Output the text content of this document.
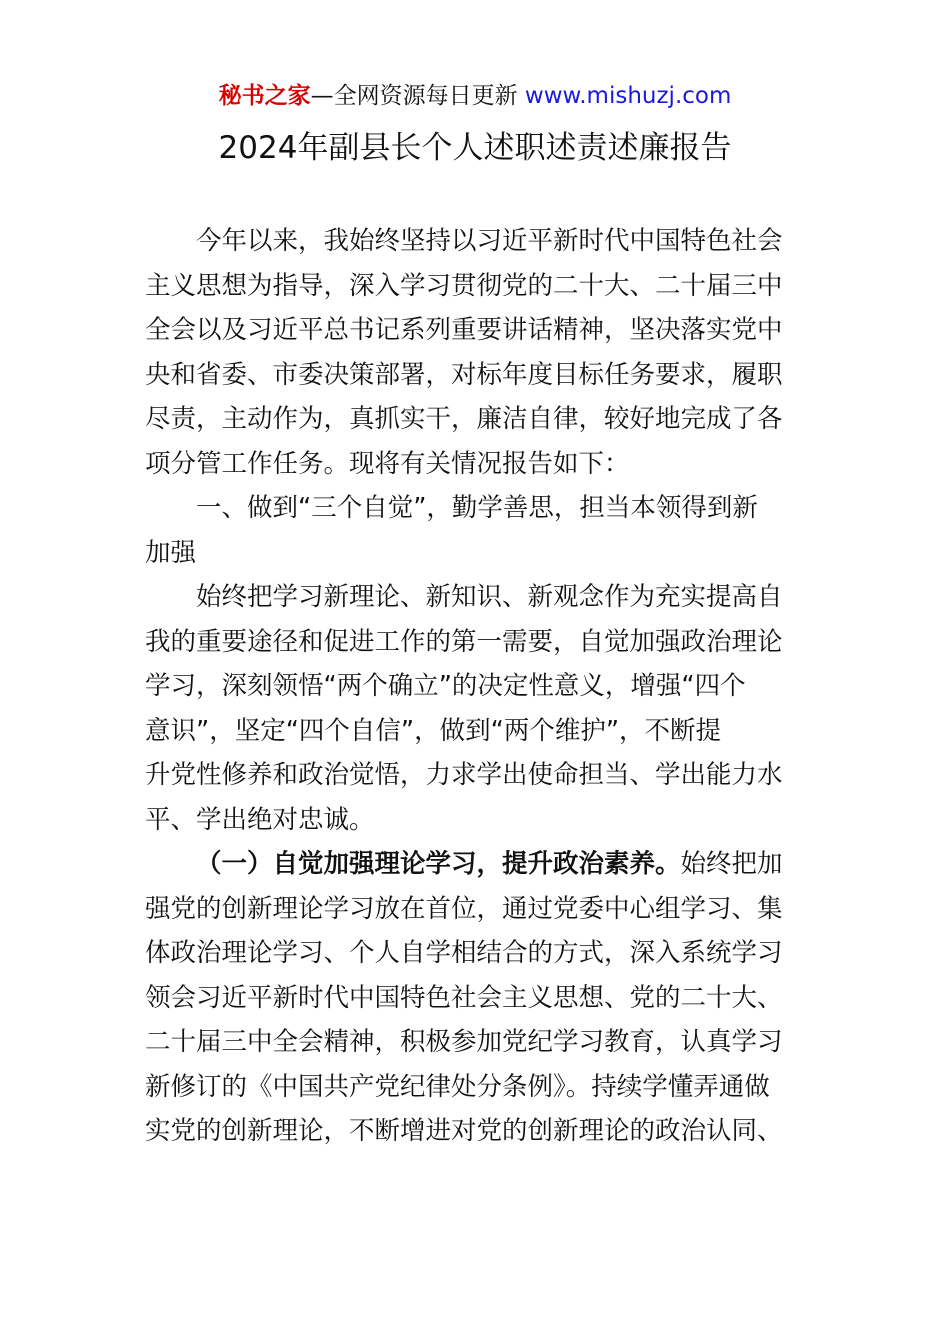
秘书之家—全网资源每日更新 www.mishuzj.com
2024年副县长个人述职述责述廉报告
今年以来，我始终坚持以习近平新时代中国特色社会
主义思想为指导，深入学习贯彻党的二十大、二十届三中
全会以及习近平总书记系列重要讲话精神，坚决落实党中
央和省委、市委决策部署，对标年度目标任务要求，履职
尽责，主动作为，真抓实干，廉洁自律，较好地完成了各
项分管工作任务。现将有关情况报告如下：
一、做到“三个自觉”，勤学善思，担当本领得到新
加强
始终把学习新理论、新知识、新观念作为充实提高自
我的重要途径和促进工作的第一需要，自觉加强政治理论
学习，深刻领悟“两个确立”的决定性意义，增强“四个
意识”，坚定“四个自信”，做到“两个维护”，不断提
升党性修养和政治觉悟，力求学出使命担当、学出能力水
平、学出绝对忠诚。
（一）自觉加强理论学习，提升政治素养。始终把加
强党的创新理论学习放在首位，通过党委中心组学习、集
体政治理论学习、个人自学相结合的方式，深入系统学习
领会习近平新时代中国特色社会主义思想、党的二十大、
二十届三中全会精神，积极参加党纪学习教育，认真学习
新修订的《中国共产党纪律处分条例》。持续学懂弄通做
实党的创新理论，不断增进对党的创新理论的政治认同、
